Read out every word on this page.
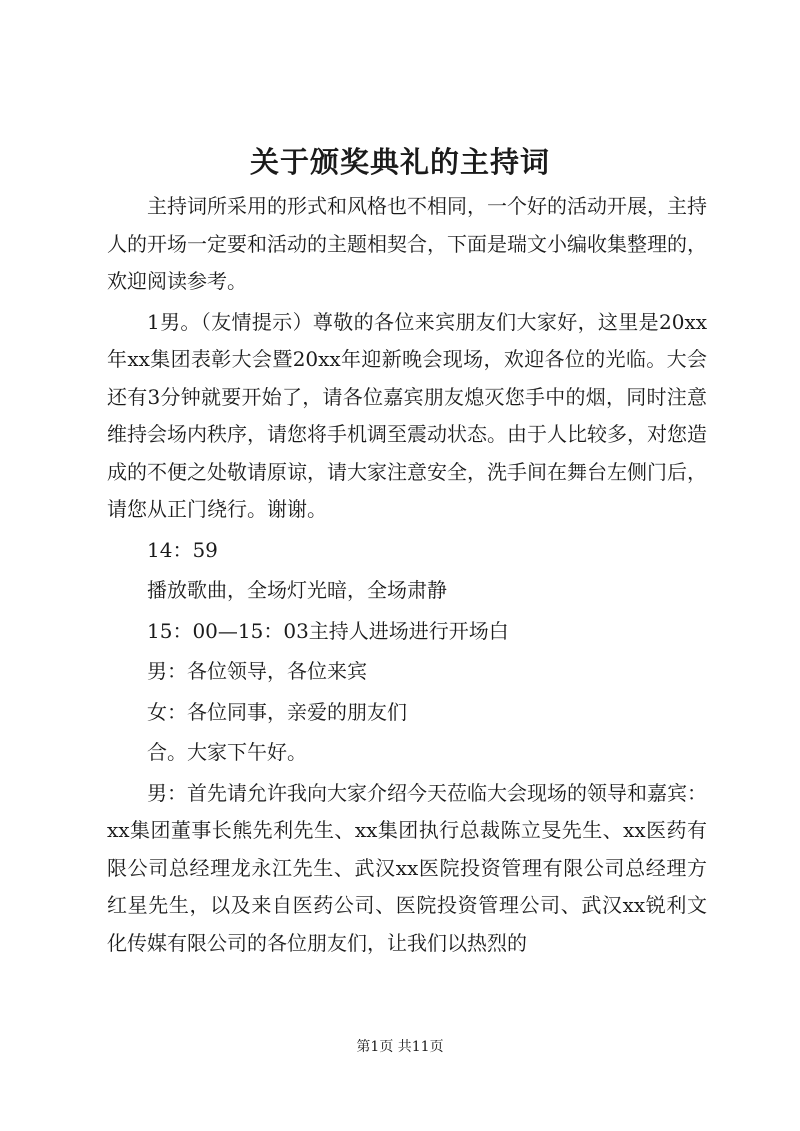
关于颁奖典礼的主持词

主持词所采用的形式和风格也不相同，一个好的活动开展，主持人的开场一定要和活动的主题相契合，下面是瑞文小编收集整理的，欢迎阅读参考。

1男。（友情提示）尊敬的各位来宾朋友们大家好，这里是20xx年xx集团表彰大会暨20xx年迎新晚会现场，欢迎各位的光临。大会还有3分钟就要开始了，请各位嘉宾朋友熄灭您手中的烟，同时注意维持会场内秩序，请您将手机调至震动状态。由于人比较多，对您造成的不便之处敬请原谅，请大家注意安全，洗手间在舞台左侧门后，请您从正门绕行。谢谢。

14：59

播放歌曲，全场灯光暗，全场肃静

15：00—15：03主持人进场进行开场白

男：各位领导，各位来宾

女：各位同事，亲爱的朋友们

合。大家下午好。

男：首先请允许我向大家介绍今天莅临大会现场的领导和嘉宾：xx集团董事长熊先利先生、xx集团执行总裁陈立旻先生、xx医药有限公司总经理龙永江先生、武汉xx医院投资管理有限公司总经理方红星先生，以及来自医药公司、医院投资管理公司、武汉xx锐利文化传媒有限公司的各位朋友们，让我们以热烈的

第1页 共11页
